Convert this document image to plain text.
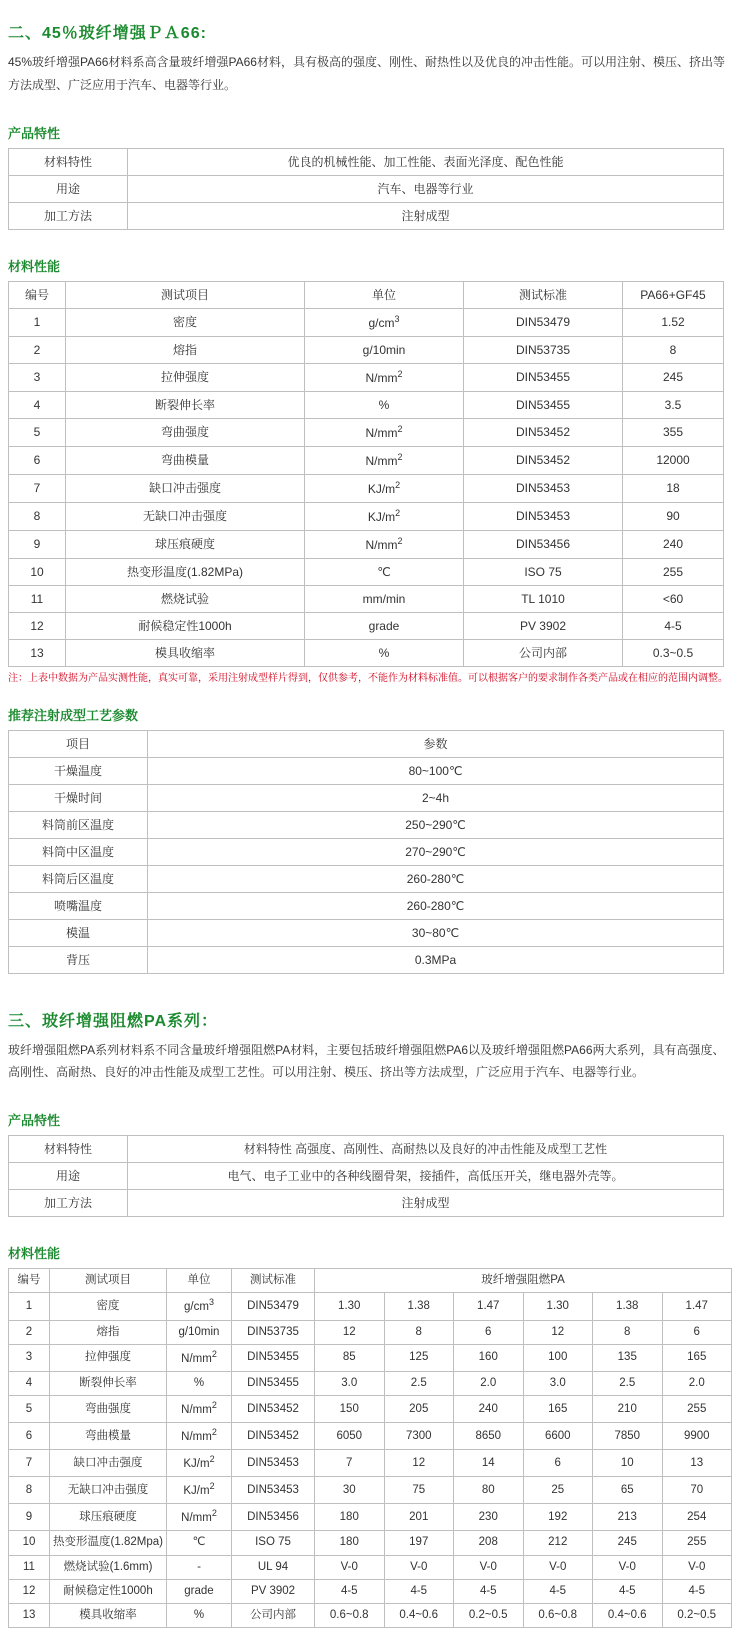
二、45％玻纤增强ＰＡ66:

45%玻纤增强PA66材料系高含量玻纤增强PA66材料，具有极高的强度、刚性、耐热性以及优良的冲击性能。可以用注射、模压、挤出等方法成型、广泛应用于汽车、电器等行业。

产品特性
材料特性	优良的机械性能、加工性能、表面光泽度、配色性能
用途	汽车、电器等行业
加工方法	注射成型
材料性能
编号	测试项目	单位	测试标准	PA66+GF45
1	密度	$g/cm^3$	DIN53479	1.52
2	熔指	g/10min	DIN53735	8
3	拉伸强度	$N/mm^2$	DIN53455	245
4	断裂伸长率	%	DIN53455	3.5
5	弯曲强度	$N/mm^2$	DIN53452	355
6	弯曲模量	$N/mm^2$	DIN53452	12000
7	缺口冲击强度	$KJ/m^2$	DIN53453	18
8	无缺口冲击强度	$KJ/m^2$	DIN53453	90
9	球压痕硬度	$N/mm^2$	DIN53456	240
10	热变形温度(1.82MPa)	℃	ISO 75	255
11	燃烧试验	mm/min	TL 1010	<60
12	耐候稳定性1000h	grade	PV 3902	4-5
13	模具收缩率	%	公司内部	0.3~0.5

注：上表中数据为产品实测性能，真实可靠，采用注射成型样片得到，仅供参考，不能作为材料标准值。可以根据客户的要求制作各类产品或在相应的范围内调整。

推荐注射成型工艺参数
项目	参数
干燥温度	80~100℃
干燥时间	2~4h
料筒前区温度	250~290℃
料筒中区温度	270~290℃
料筒后区温度	260-280℃
喷嘴温度	260-280℃
模温	30~80℃
背压	0.3MPa
三、玻纤增强阻燃PA系列：

玻纤增强阻燃PA系列材料系不同含量玻纤增强阻燃PA材料，主要包括玻纤增强阻燃PA6以及玻纤增强阻燃PA66两大系列，具有高强度、高刚性、高耐热、良好的冲击性能及成型工艺性。可以用注射、模压、挤出等方法成型，广泛应用于汽车、电器等行业。

产品特性
材料特性	材料特性 高强度、高刚性、高耐热以及良好的冲击性能及成型工艺性
用途	电气、电子工业中的各种线圈骨架，接插件，高低压开关，继电器外壳等。
加工方法	注射成型
材料性能
编号	测试项目	单位	测试标准	玻纤增强阻燃PA					
1	密度	$g/cm^3$	DIN53479	1.30	1.38	1.47	1.30	1.38	1.47
2	熔指	g/10min	DIN53735	12	8	6	12	8	6
3	拉伸强度	$N/mm^2$	DIN53455	85	125	160	100	135	165
4	断裂伸长率	%	DIN53455	3.0	2.5	2.0	3.0	2.5	2.0
5	弯曲强度	$N/mm^2$	DIN53452	150	205	240	165	210	255
6	弯曲模量	$N/mm^2$	DIN53452	6050	7300	8650	6600	7850	9900
7	缺口冲击强度	$KJ/m^2$	DIN53453	7	12	14	6	10	13
8	无缺口冲击强度	$KJ/m^2$	DIN53453	30	75	80	25	65	70
9	球压痕硬度	$N/mm^2$	DIN53456	180	201	230	192	213	254
10	热变形温度(1.82Mpa)	℃	ISO 75	180	197	208	212	245	255
11	燃烧试验(1.6mm)	-	UL 94	V-0	V-0	V-0	V-0	V-0	V-0
12	耐候稳定性1000h	grade	PV 3902	4-5	4-5	4-5	4-5	4-5	4-5
13	模具收缩率	%	公司内部	0.6~0.8	0.4~0.6	0.2~0.5	0.6~0.8	0.4~0.6	0.2~0.5
